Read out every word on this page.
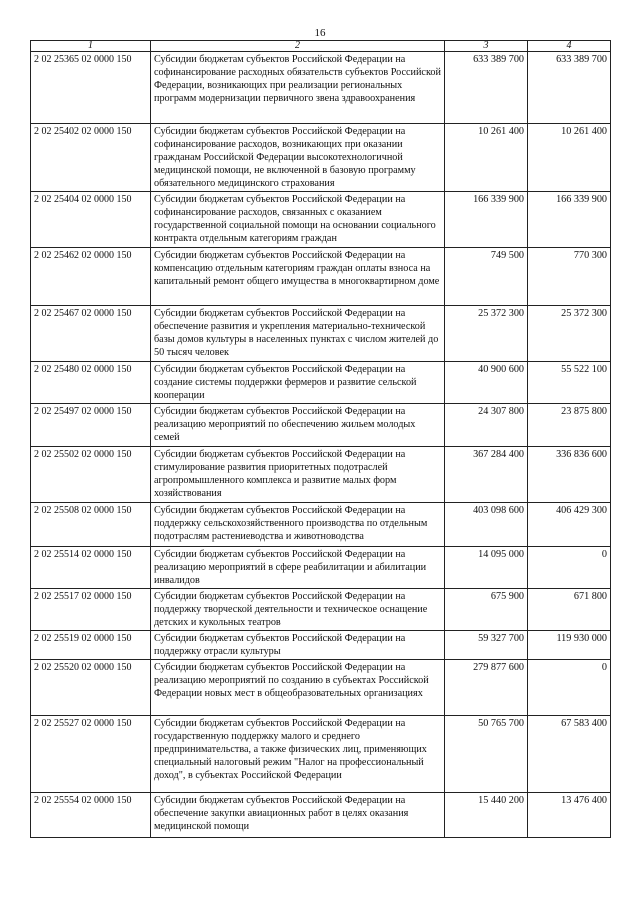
16
1	2	3	4
2 02 25365 02 0000 150	Субсидии бюджетам субъектов Российской Федерации на софинансирование расходных обязательств субъектов Российской Федерации, возникающих при реализации региональных программ модернизации первичного звена здравоохранения	633 389 700	633 389 700
2 02 25402 02 0000 150	Субсидии бюджетам субъектов Российской Федерации на софинансирование расходов, возникающих при оказании гражданам Российской Федерации высокотехнологичной медицинской помощи, не включенной в базовую программу обязательного медицинского страхования	10 261 400	10 261 400
2 02 25404 02 0000 150	Субсидии бюджетам субъектов Российской Федерации на софинансирование расходов, связанных с оказанием государственной социальной помощи на основании социального контракта отдельным категориям граждан	166 339 900	166 339 900
2 02 25462 02 0000 150	Субсидии бюджетам субъектов Российской Федерации на компенсацию отдельным категориям граждан оплаты взноса на капитальный ремонт общего имущества в многоквартирном доме	749 500	770 300
2 02 25467 02 0000 150	Субсидии бюджетам субъектов Российской Федерации на обеспечение развития и укрепления материально-технической базы домов культуры в населенных пунктах с числом жителей до 50 тысяч человек	25 372 300	25 372 300
2 02 25480 02 0000 150	Субсидии бюджетам субъектов Российской Федерации на создание системы поддержки фермеров и развитие сельской кооперации	40 900 600	55 522 100
2 02 25497 02 0000 150	Субсидии бюджетам субъектов Российской Федерации на реализацию мероприятий по обеспечению жильем молодых семей	24 307 800	23 875 800
2 02 25502 02 0000 150	Субсидии бюджетам субъектов Российской Федерации на стимулирование развития приоритетных подотраслей агропромышленного комплекса и развитие малых форм хозяйствования	367 284 400	336 836 600
2 02 25508 02 0000 150	Субсидии бюджетам субъектов Российской Федерации на поддержку сельскохозяйственного производства по отдельным подотраслям растениеводства и животноводства	403 098 600	406 429 300
2 02 25514 02 0000 150	Субсидии бюджетам субъектов Российской Федерации на реализацию мероприятий в сфере реабилитации и абилитации инвалидов	14 095 000	0
2 02 25517 02 0000 150	Субсидии бюджетам субъектов Российской Федерации на поддержку творческой деятельности и техническое оснащение детских и кукольных театров	675 900	671 800
2 02 25519 02 0000 150	Субсидии бюджетам субъектов Российской Федерации на поддержку отрасли культуры	59 327 700	119 930 000
2 02 25520 02 0000 150	Субсидии бюджетам субъектов Российской Федерации на реализацию мероприятий по созданию в субъектах Российской Федерации новых мест в общеобразовательных организациях	279 877 600	0
2 02 25527 02 0000 150	Субсидии бюджетам субъектов Российской Федерации на государственную поддержку малого и среднего предпринимательства, а также физических лиц, применяющих специальный налоговый режим "Налог на профессиональный доход", в субъектах Российской Федерации	50 765 700	67 583 400
2 02 25554 02 0000 150	Субсидии бюджетам субъектов Российской Федерации на обеспечение закупки авиационных работ в целях оказания медицинской помощи	15 440 200	13 476 400
